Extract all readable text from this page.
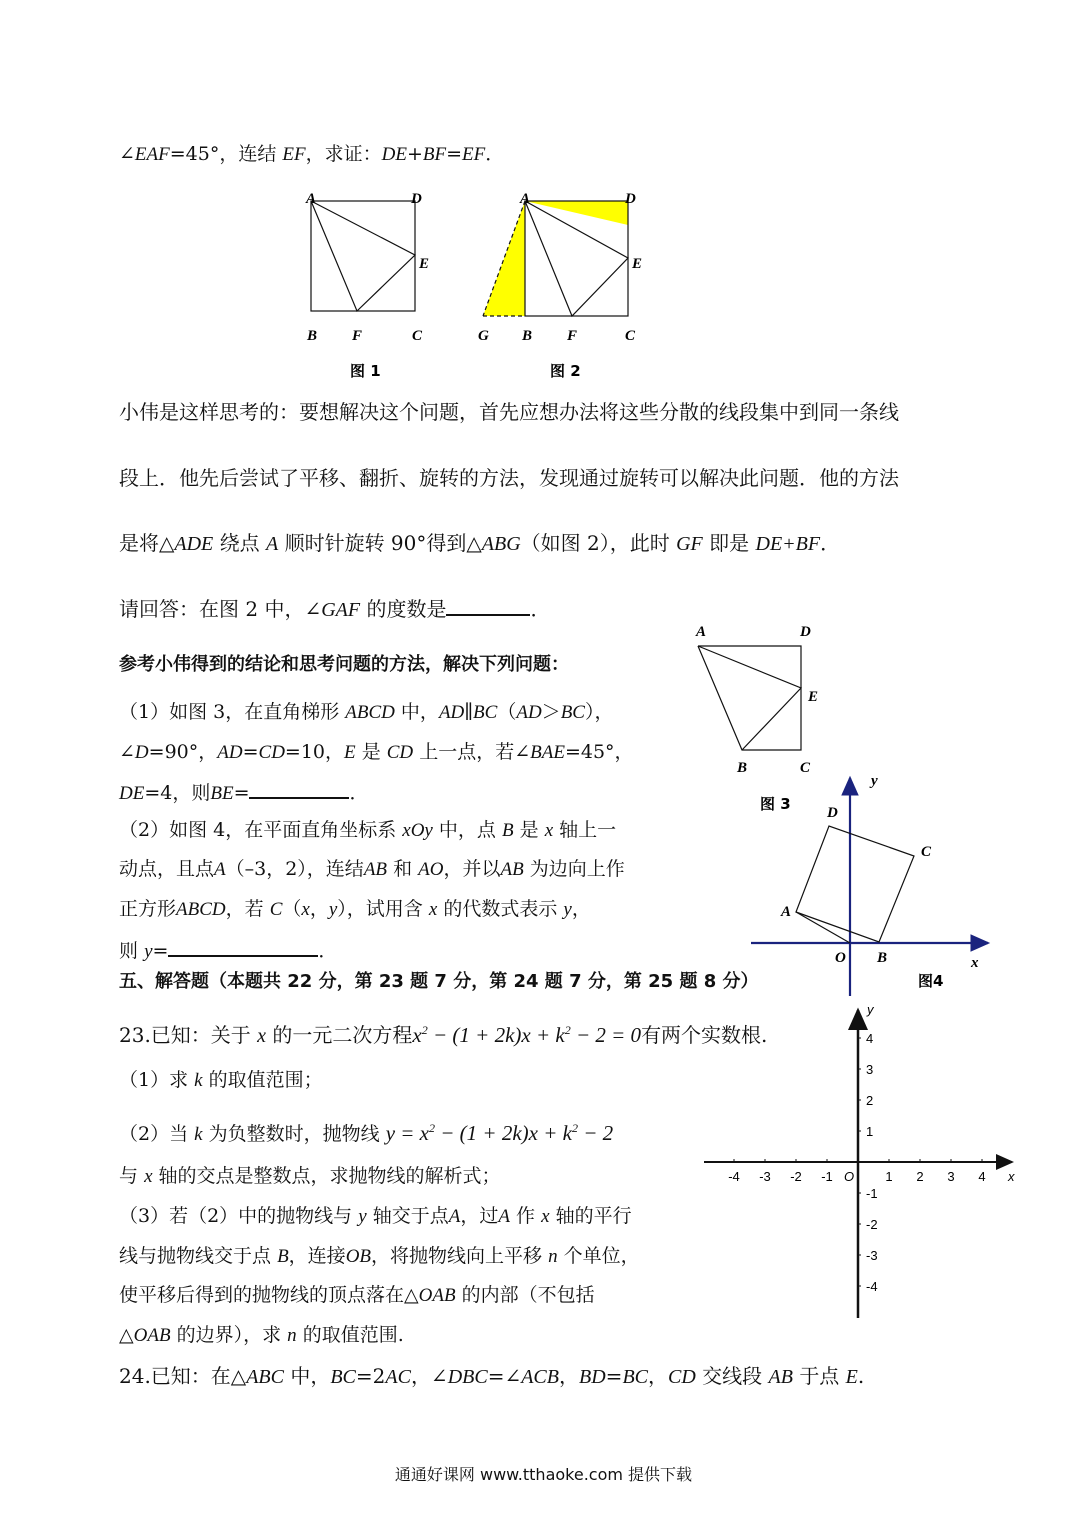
∠EAF=45°，连结 EF，求证：DE+BF=EF．
A	D
E
B F	C
图 1
A	D
E
G B F	C
图 2
小伟是这样思考的：要想解决这个问题，首先应想办法将这些分散的线段集中到同一条线
段上．他先后尝试了平移、翻折、旋转的方法，发现通过旋转可以解决此问题．他的方法
是将△ADE 绕点 A 顺时针旋转 90°得到△ABG（如图 2），此时 GF 即是 DE+BF．
请回答：在图 2 中，∠GAF 的度数是	．
A	D
E
B	C
图 3
参考小伟得到的结论和思考问题的方法，解决下列问题：
（1）如图 3，在直角梯形 ABCD 中，AD∥BC（AD＞BC），
∠D=90°，AD=CD=10，E 是 CD 上一点，若∠BAE=45°，
DE=4，则BE=	．
（2）如图 4，在平面直角坐标系 xOy 中，点 B 是 x 轴上一
动点，且点A（–3，2），连结AB 和 AO，并以AB 为边向上作
正方形ABCD，若 C（x，y），试用含 x 的代数式表示 y，
则 y=	．
y
x
D
C
A
O B
图4
五、解答题（本题共 22 分，第 23 题 7 分，第 24 题 7 分，第 25 题 8 分）
23.已知：关于 x 的一元二次方程$x^2 - (1 + 2k)x + k^2 - 2 = 0$有两个实数根.
（1）求 k 的取值范围；
（2）当 k 为负整数时，抛物线 $y = x^2 - (1 + 2k)x + k^2 - 2$
与 x 轴的交点是整数点，求抛物线的解析式；
（3）若（2）中的抛物线与 y 轴交于点A，过A 作 x 轴的平行
线与抛物线交于点 B，连接OB，将抛物线向上平移 n 个单位，
使平移后得到的抛物线的顶点落在△OAB 的内部（不包括
△OAB 的边界），求 n 的取值范围.
-4 -3 -2 -1	1 2 3 4
4
3
2
1
-1
-2
-3
-4
y
x
O
24.已知：在△ABC 中，BC=2AC，∠DBC=∠ACB，BD=BC，CD 交线段 AB 于点 E.
通通好课网 www.tthaoke.com 提供下载
